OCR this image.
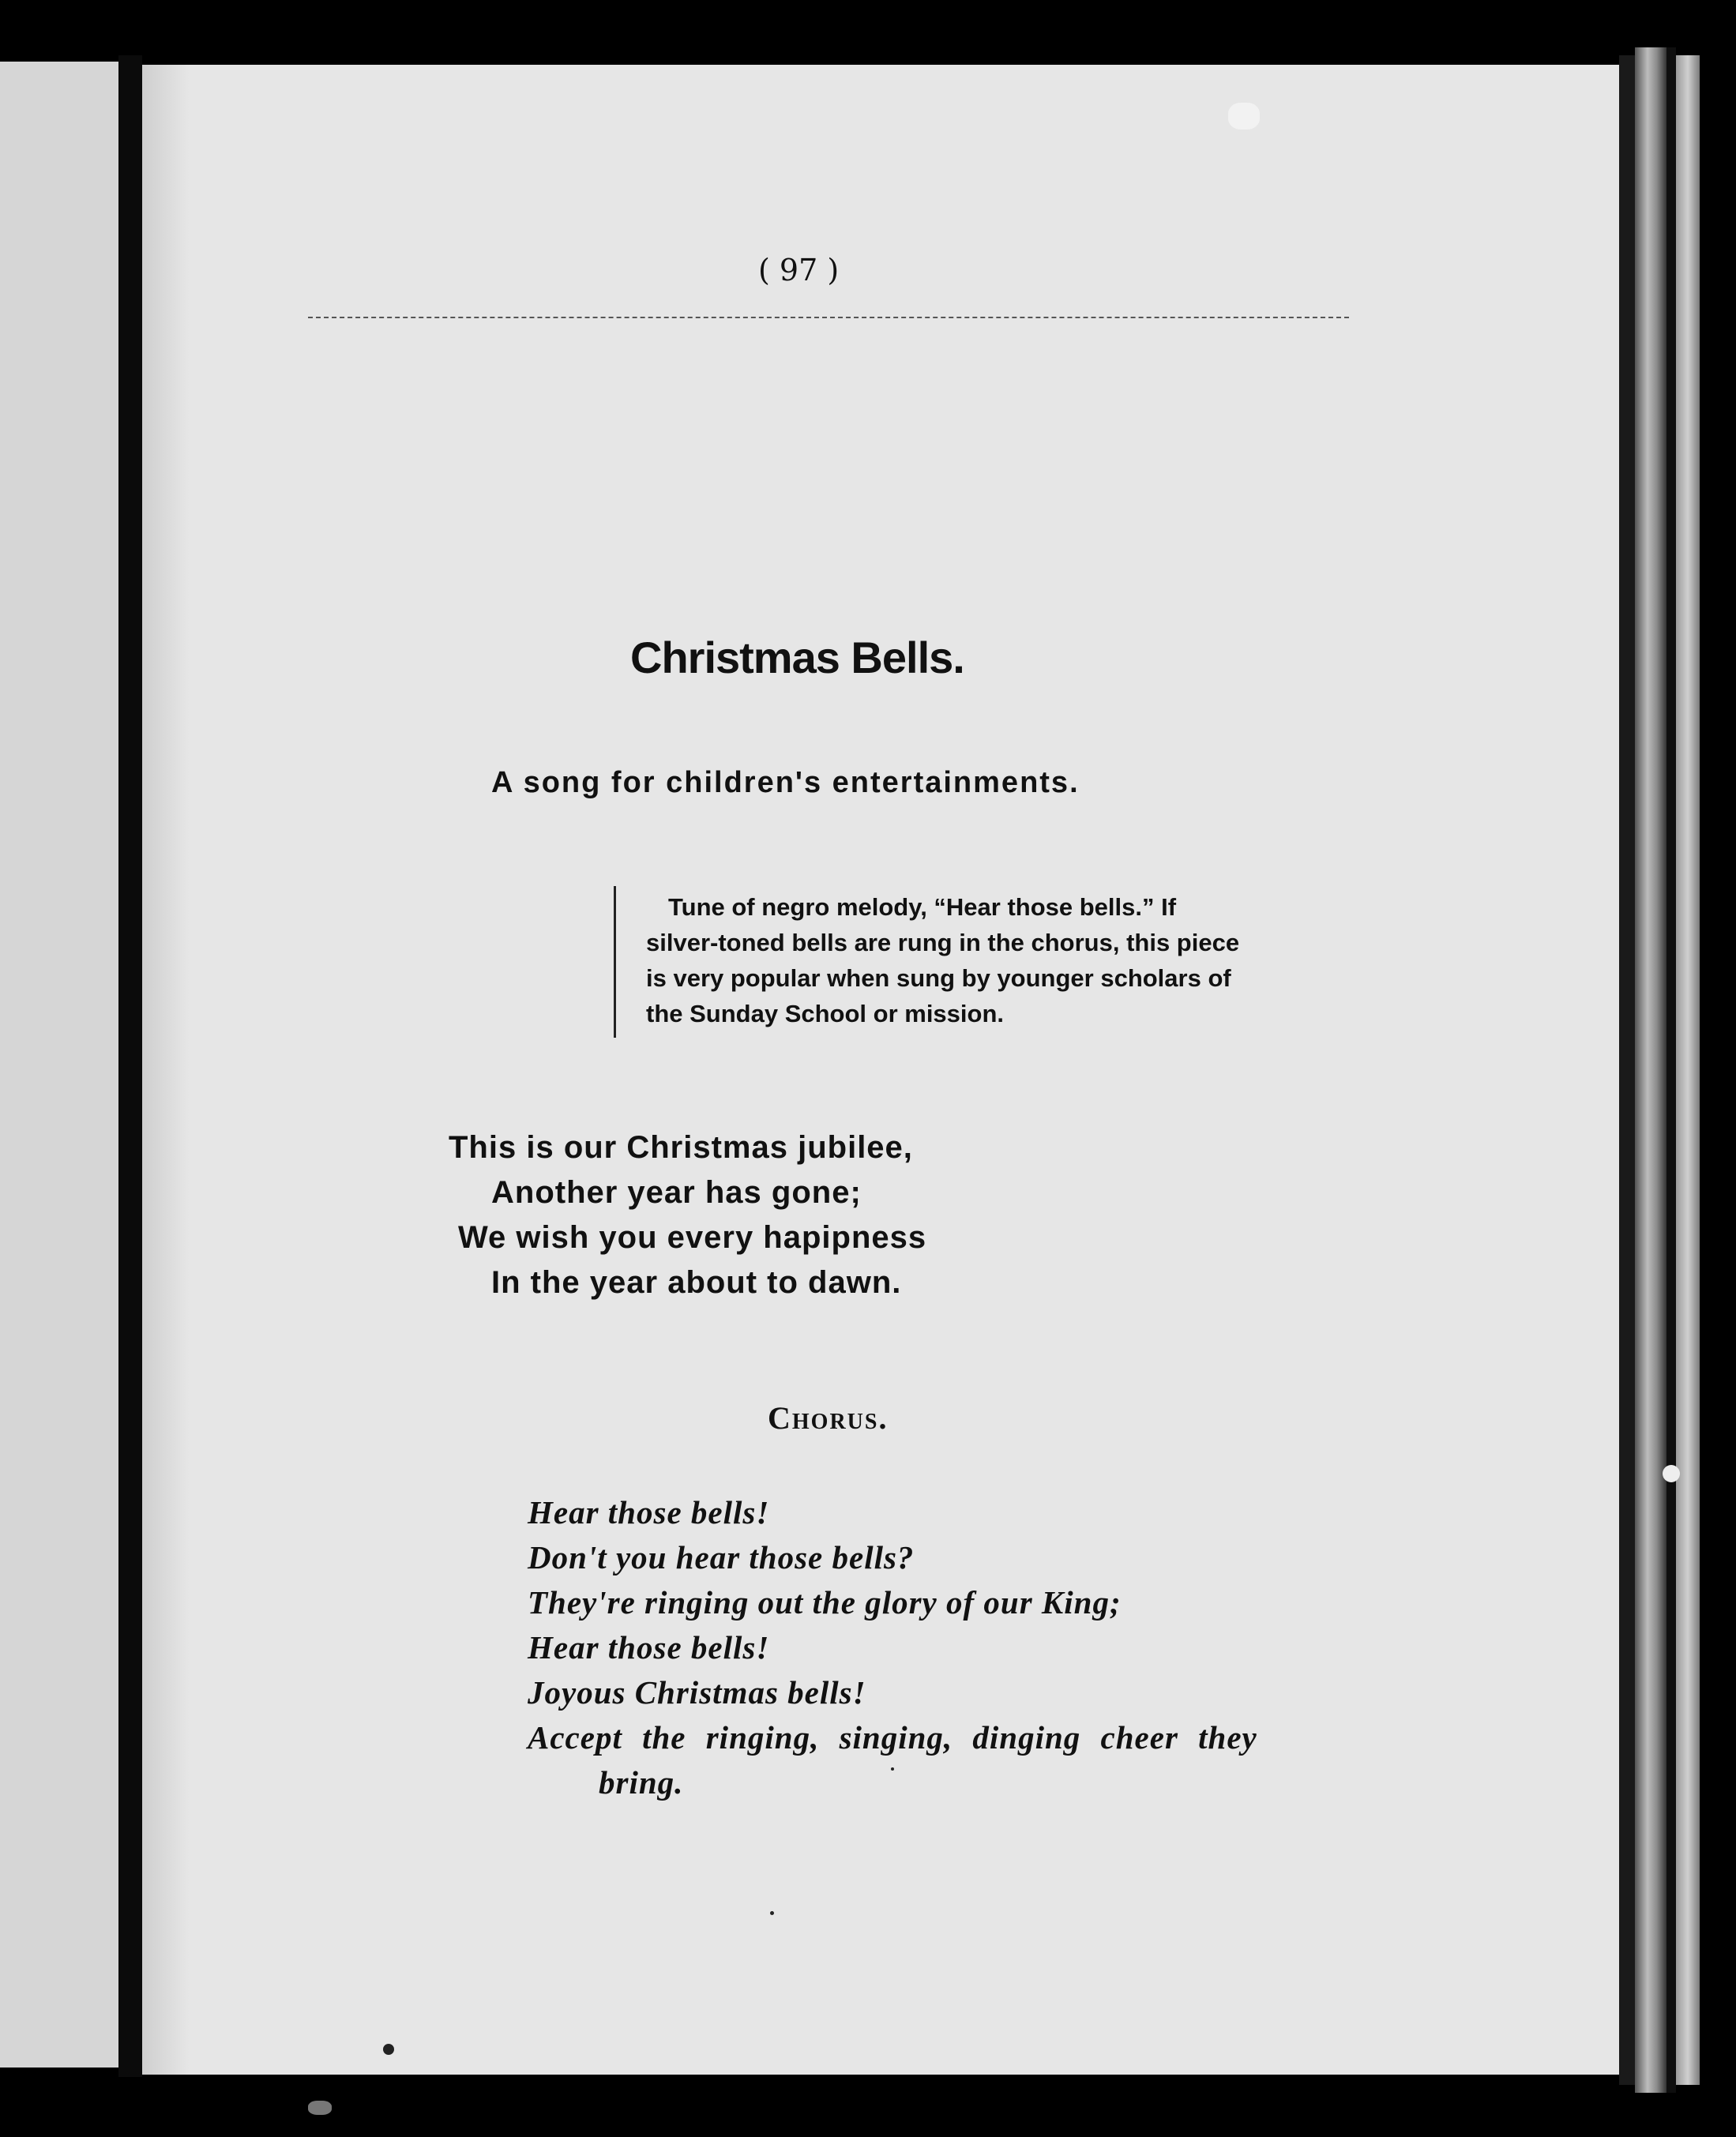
( 97 )

Christmas Bells.

A song for children's entertainments.

Tune of negro melody, “Hear those bells.” If
silver-toned bells are rung in the chorus, this piece
is very popular when sung by younger scholars of
the Sunday School or mission.

This is our Christmas jubilee,
Another year has gone;
We wish you every hapipness
In the year about to dawn.

Chorus.

Hear those bells!
Don't you hear those bells?
They're ringing out the glory of our King;
Hear those bells!
Joyous Christmas bells!
Accept the ringing, singing, dinging cheer they
bring.
